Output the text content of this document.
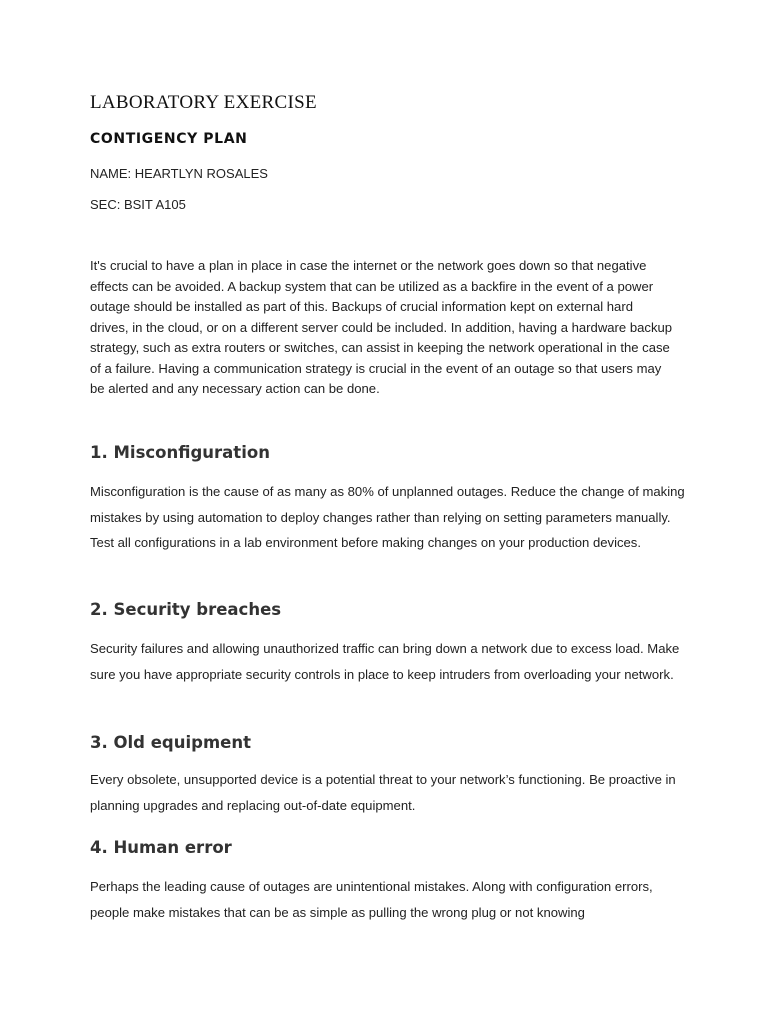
LABORATORY EXERCISE
CONTIGENCY PLAN

NAME: HEARTLYN ROSALES

SEC: BSIT A105

It's crucial to have a plan in place in case the internet or the network goes down so that negative effects can be avoided. A backup system that can be utilized as a backfire in the event of a power outage should be installed as part of this. Backups of crucial information kept on external hard drives, in the cloud, or on a different server could be included. In addition, having a hardware backup strategy, such as extra routers or switches, can assist in keeping the network operational in the case of a failure. Having a communication strategy is crucial in the event of an outage so that users may be alerted and any necessary action can be done.

1. Misconfiguration

Misconfiguration is the cause of as many as 80% of unplanned outages. Reduce the change of making mistakes by using automation to deploy changes rather than relying on setting parameters manually. Test all configurations in a lab environment before making changes on your production devices.

2. Security breaches

Security failures and allowing unauthorized traffic can bring down a network due to excess load. Make sure you have appropriate security controls in place to keep intruders from overloading your network.

3. Old equipment

Every obsolete, unsupported device is a potential threat to your network’s functioning. Be proactive in planning upgrades and replacing out-of-date equipment.

4. Human error

Perhaps the leading cause of outages are unintentional mistakes. Along with configuration errors, people make mistakes that can be as simple as pulling the wrong plug or not knowing
